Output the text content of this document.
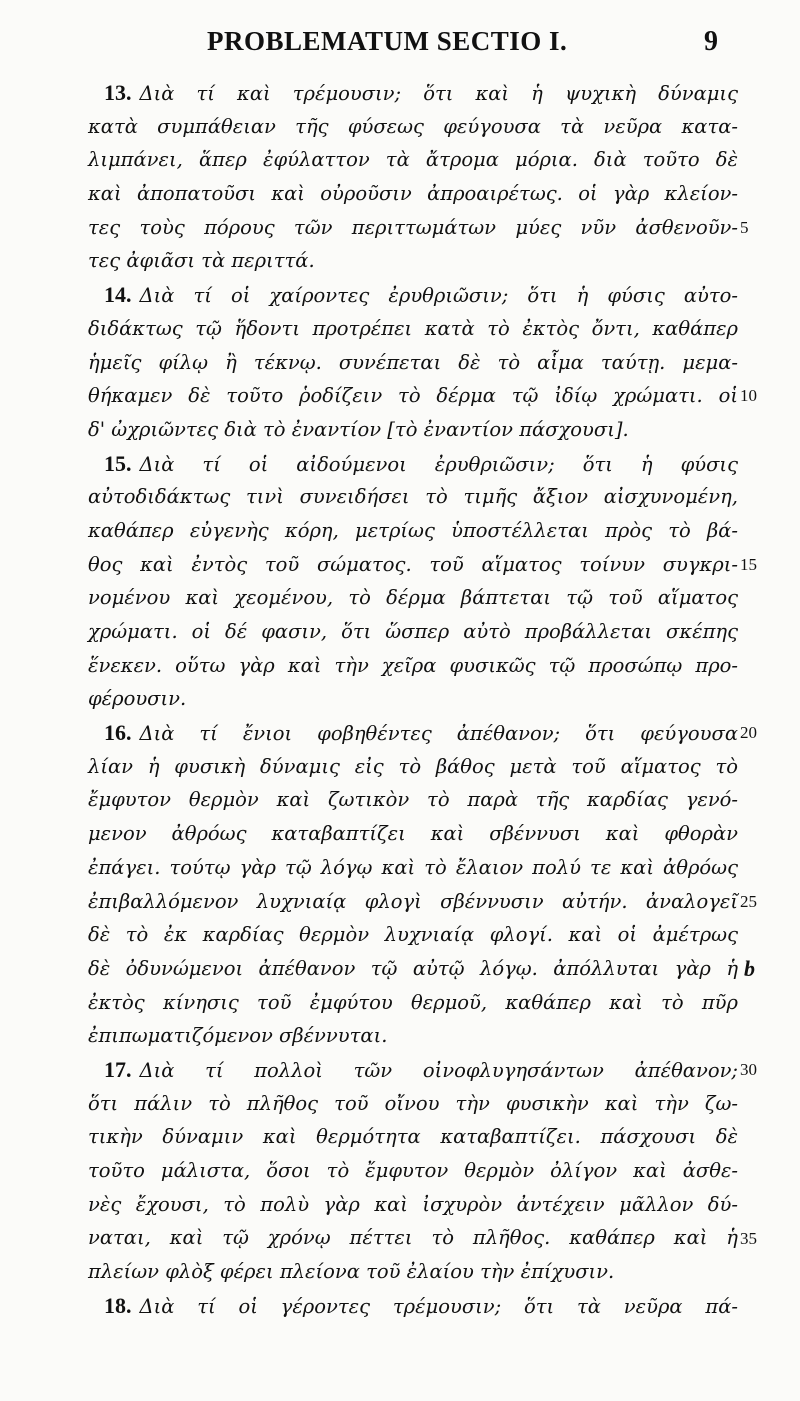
PROBLEMATUM SECTIO I.	9
13. Διὰ τί καὶ τρέμουσιν; ὅτι καὶ ἡ ψυχικὴ δύναμις
κατὰ συμπάθειαν τῆς φύσεως φεύγουσα τὰ νεῦρα κατα-
λιμπάνει, ἅπερ ἐφύλαττον τὰ ἄτρομα μόρια. διὰ τοῦτο δὲ
καὶ ἀποπατοῦσι καὶ οὐροῦσιν ἀπροαιρέτως. οἱ γὰρ κλείον-
τες τοὺς πόρους τῶν περιττωμάτων μύες νῦν ἀσθενοῦν-
τες ἀφιᾶσι τὰ περιττά.
14. Διὰ τί οἱ χαίροντες ἐρυθριῶσιν; ὅτι ἡ φύσις αὐτο-
διδάκτως τῷ ἥδοντι προτρέπει κατὰ τὸ ἐκτὸς ὄντι, καθάπερ
ἡμεῖς φίλῳ ἢ τέκνῳ. συνέπεται δὲ τὸ αἷμα ταύτῃ. μεμα-
θήκαμεν δὲ τοῦτο ῥοδίζειν τὸ δέρμα τῷ ἰδίῳ χρώματι. οἱ
δ' ὠχριῶντες διὰ τὸ ἐναντίον [τὸ ἐναντίον πάσχουσι].
15. Διὰ τί οἱ αἰδούμενοι ἐρυθριῶσιν; ὅτι ἡ φύσις
αὐτοδιδάκτως τινὶ συνειδήσει τὸ τιμῆς ἄξιον αἰσχυνομένη,
καθάπερ εὐγενὴς κόρη, μετρίως ὑποστέλλεται πρὸς τὸ βά-
θος καὶ ἐντὸς τοῦ σώματος. τοῦ αἵματος τοίνυν συγκρι-
νομένου καὶ χεομένου, τὸ δέρμα βάπτεται τῷ τοῦ αἵματος
χρώματι. οἱ δέ φασιν, ὅτι ὥσπερ αὐτὸ προβάλλεται σκέπης
ἕνεκεν. οὕτω γὰρ καὶ τὴν χεῖρα φυσικῶς τῷ προσώπῳ προ-
φέρουσιν.
16. Διὰ τί ἔνιοι φοβηθέντες ἀπέθανον; ὅτι φεύγουσα
λίαν ἡ φυσικὴ δύναμις εἰς τὸ βάθος μετὰ τοῦ αἵματος τὸ
ἔμφυτον θερμὸν καὶ ζωτικὸν τὸ παρὰ τῆς καρδίας γενό-
μενον ἀθρόως καταβαπτίζει καὶ σβέννυσι καὶ φθορὰν
ἐπάγει. τούτῳ γὰρ τῷ λόγῳ καὶ τὸ ἔλαιον πολύ τε καὶ ἀθρόως
ἐπιβαλλόμενον λυχνιαίᾳ φλογὶ σβέννυσιν αὐτήν. ἀναλογεῖ
δὲ τὸ ἐκ καρδίας θερμὸν λυχνιαίᾳ φλογί. καὶ οἱ ἀμέτρως
δὲ ὀδυνώμενοι ἀπέθανον τῷ αὐτῷ λόγῳ. ἀπόλλυται γὰρ ἡ
ἐκτὸς κίνησις τοῦ ἐμφύτου θερμοῦ, καθάπερ καὶ τὸ πῦρ
ἐπιπωματιζόμενον σβέννυται.
17. Διὰ τί πολλοὶ τῶν οἰνοφλυγησάντων ἀπέθανον;
ὅτι πάλιν τὸ πλῆθος τοῦ οἴνου τὴν φυσικὴν καὶ τὴν ζω-
τικὴν δύναμιν καὶ θερμότητα καταβαπτίζει. πάσχουσι δὲ
τοῦτο μάλιστα, ὅσοι τὸ ἔμφυτον θερμὸν ὀλίγον καὶ ἀσθε-
νὲς ἔχουσι, τὸ πολὺ γὰρ καὶ ἰσχυρὸν ἀντέχειν μᾶλλον δύ-
ναται, καὶ τῷ χρόνῳ πέττει τὸ πλῆθος. καθάπερ καὶ ἡ
πλείων φλὸξ φέρει πλείονα τοῦ ἐλαίου τὴν ἐπίχυσιν.
18. Διὰ τί οἱ γέροντες τρέμουσιν; ὅτι τὰ νεῦρα πά-
5
10
15
20
25
b
30
35
